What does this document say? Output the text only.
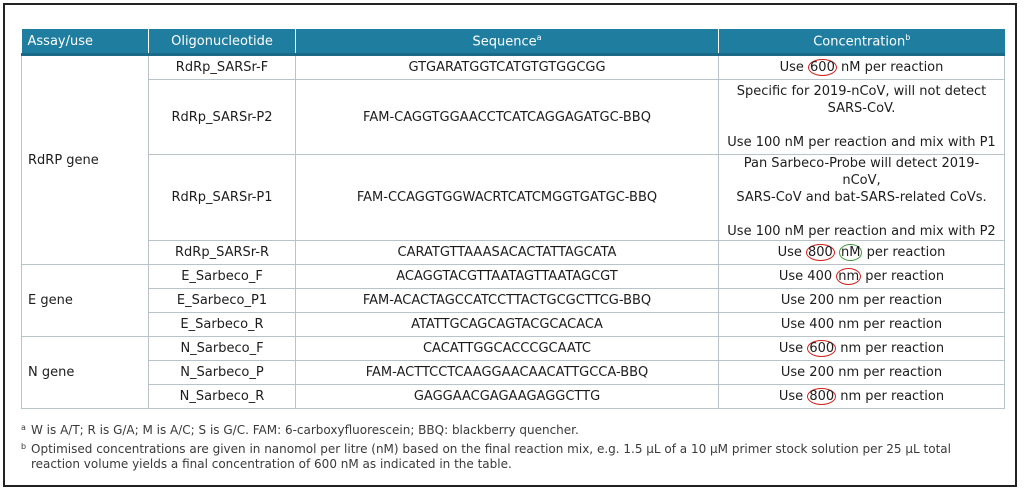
Assay/use	Oligonucleotide	Sequence$^a$	Concentration$^b$
RdRP gene	RdRp_SARSr-F	GTGARATGGTCATGTGTGGCGG	Use 600 nM per reaction
	RdRp_SARSr-P2	FAM-CAGGTGGAACCTCATCAGGAGATGC-BBQ	Specific for 2019-nCoV, will not detect
SARS-CoV.
Use 100 nM per reaction and mix with P1

	RdRp_SARSr-P1	FAM-CCAGGTGGWACRTCATCMGGTGATGC-BBQ	Pan Sarbeco-Probe will detect 2019-nCoV,
SARS-CoV and bat-SARS-related CoVs.
Use 100 nM per reaction and mix with P2

	RdRp_SARSr-R	CARATGTTAAASACACTATTAGCATA	Use 800 nM per reaction
E gene	E_Sarbeco_F	ACAGGTACGTTAATAGTTAATAGCGT	Use 400 nm per reaction
	E_Sarbeco_P1	FAM-ACACTAGCCATCCTTACTGCGCTTCG-BBQ	Use 200 nm per reaction
	E_Sarbeco_R	ATATTGCAGCAGTACGCACACA	Use 400 nm per reaction
N gene	N_Sarbeco_F	CACATTGGCACCCGCAATC	Use 600 nm per reaction
	N_Sarbeco_P	FAM-ACTTCCTCAAGGAACAACATTGCCA-BBQ	Use 200 nm per reaction
	N_Sarbeco_R	GAGGAACGAGAAGAGGCTTG	Use 800 nm per reaction
a W is A/T; R is G/A; M is A/C; S is G/C. FAM: 6-carboxyfluorescein; BBQ: blackberry quencher.
b Optimised concentrations are given in nanomol per litre (nM) based on the final reaction mix, e.g. 1.5 µL of a 10 µM primer stock solution per 25 µL total reaction volume yields a final concentration of 600 nM as indicated in the table.
